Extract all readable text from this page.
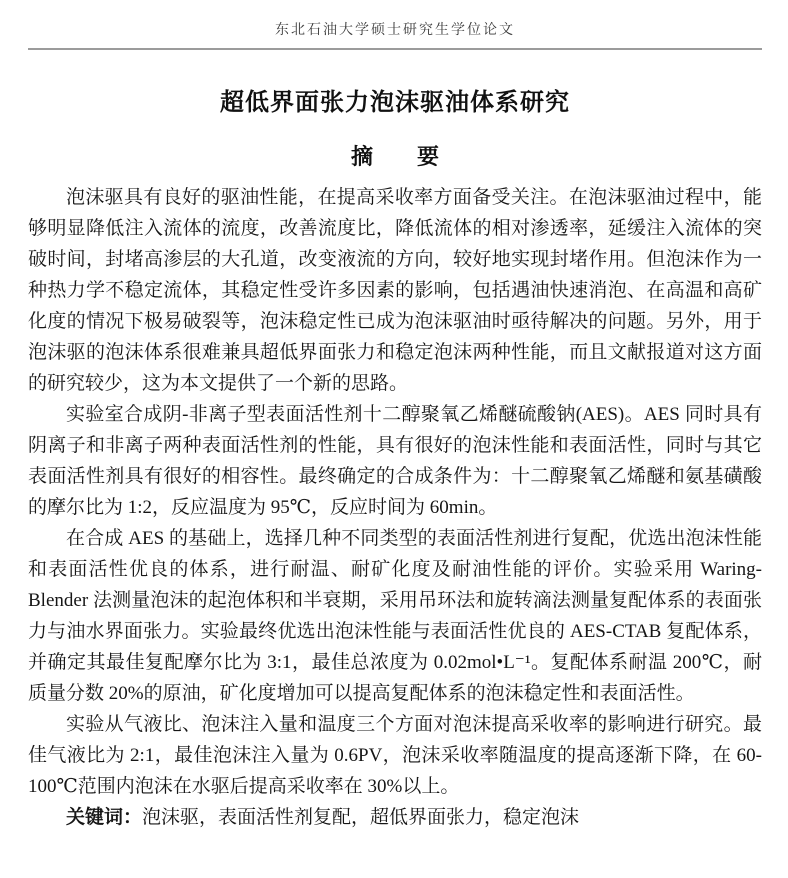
东北石油大学硕士研究生学位论文
超低界面张力泡沫驱油体系研究
摘　　要

泡沫驱具有良好的驱油性能，在提高采收率方面备受关注。在泡沫驱油过程中，能够明显降低注入流体的流度，改善流度比，降低流体的相对渗透率，延缓注入流体的突破时间，封堵高渗层的大孔道，改变液流的方向，较好地实现封堵作用。但泡沫作为一种热力学不稳定流体，其稳定性受许多因素的影响，包括遇油快速消泡、在高温和高矿化度的情况下极易破裂等，泡沫稳定性已成为泡沫驱油时亟待解决的问题。另外，用于泡沫驱的泡沫体系很难兼具超低界面张力和稳定泡沫两种性能，而且文献报道对这方面的研究较少，这为本文提供了一个新的思路。

实验室合成阴-非离子型表面活性剂十二醇聚氧乙烯醚硫酸钠(AES)。AES 同时具有阴离子和非离子两种表面活性剂的性能，具有很好的泡沫性能和表面活性，同时与其它表面活性剂具有很好的相容性。最终确定的合成条件为：十二醇聚氧乙烯醚和氨基磺酸的摩尔比为 1:2，反应温度为 95℃，反应时间为 60min。

在合成 AES 的基础上，选择几种不同类型的表面活性剂进行复配，优选出泡沫性能和表面活性优良的体系，进行耐温、耐矿化度及耐油性能的评价。实验采用 Waring-Blender 法测量泡沫的起泡体积和半衰期，采用吊环法和旋转滴法测量复配体系的表面张力与油水界面张力。实验最终优选出泡沫性能与表面活性优良的 AES-CTAB 复配体系，并确定其最佳复配摩尔比为 3:1，最佳总浓度为 0.02mol•L⁻¹。复配体系耐温 200℃，耐质量分数 20%的原油，矿化度增加可以提高复配体系的泡沫稳定性和表面活性。

实验从气液比、泡沫注入量和温度三个方面对泡沫提高采收率的影响进行研究。最佳气液比为 2:1，最佳泡沫注入量为 0.6PV，泡沫采收率随温度的提高逐渐下降，在 60-100℃范围内泡沫在水驱后提高采收率在 30%以上。

关键词：泡沫驱，表面活性剂复配，超低界面张力，稳定泡沫
